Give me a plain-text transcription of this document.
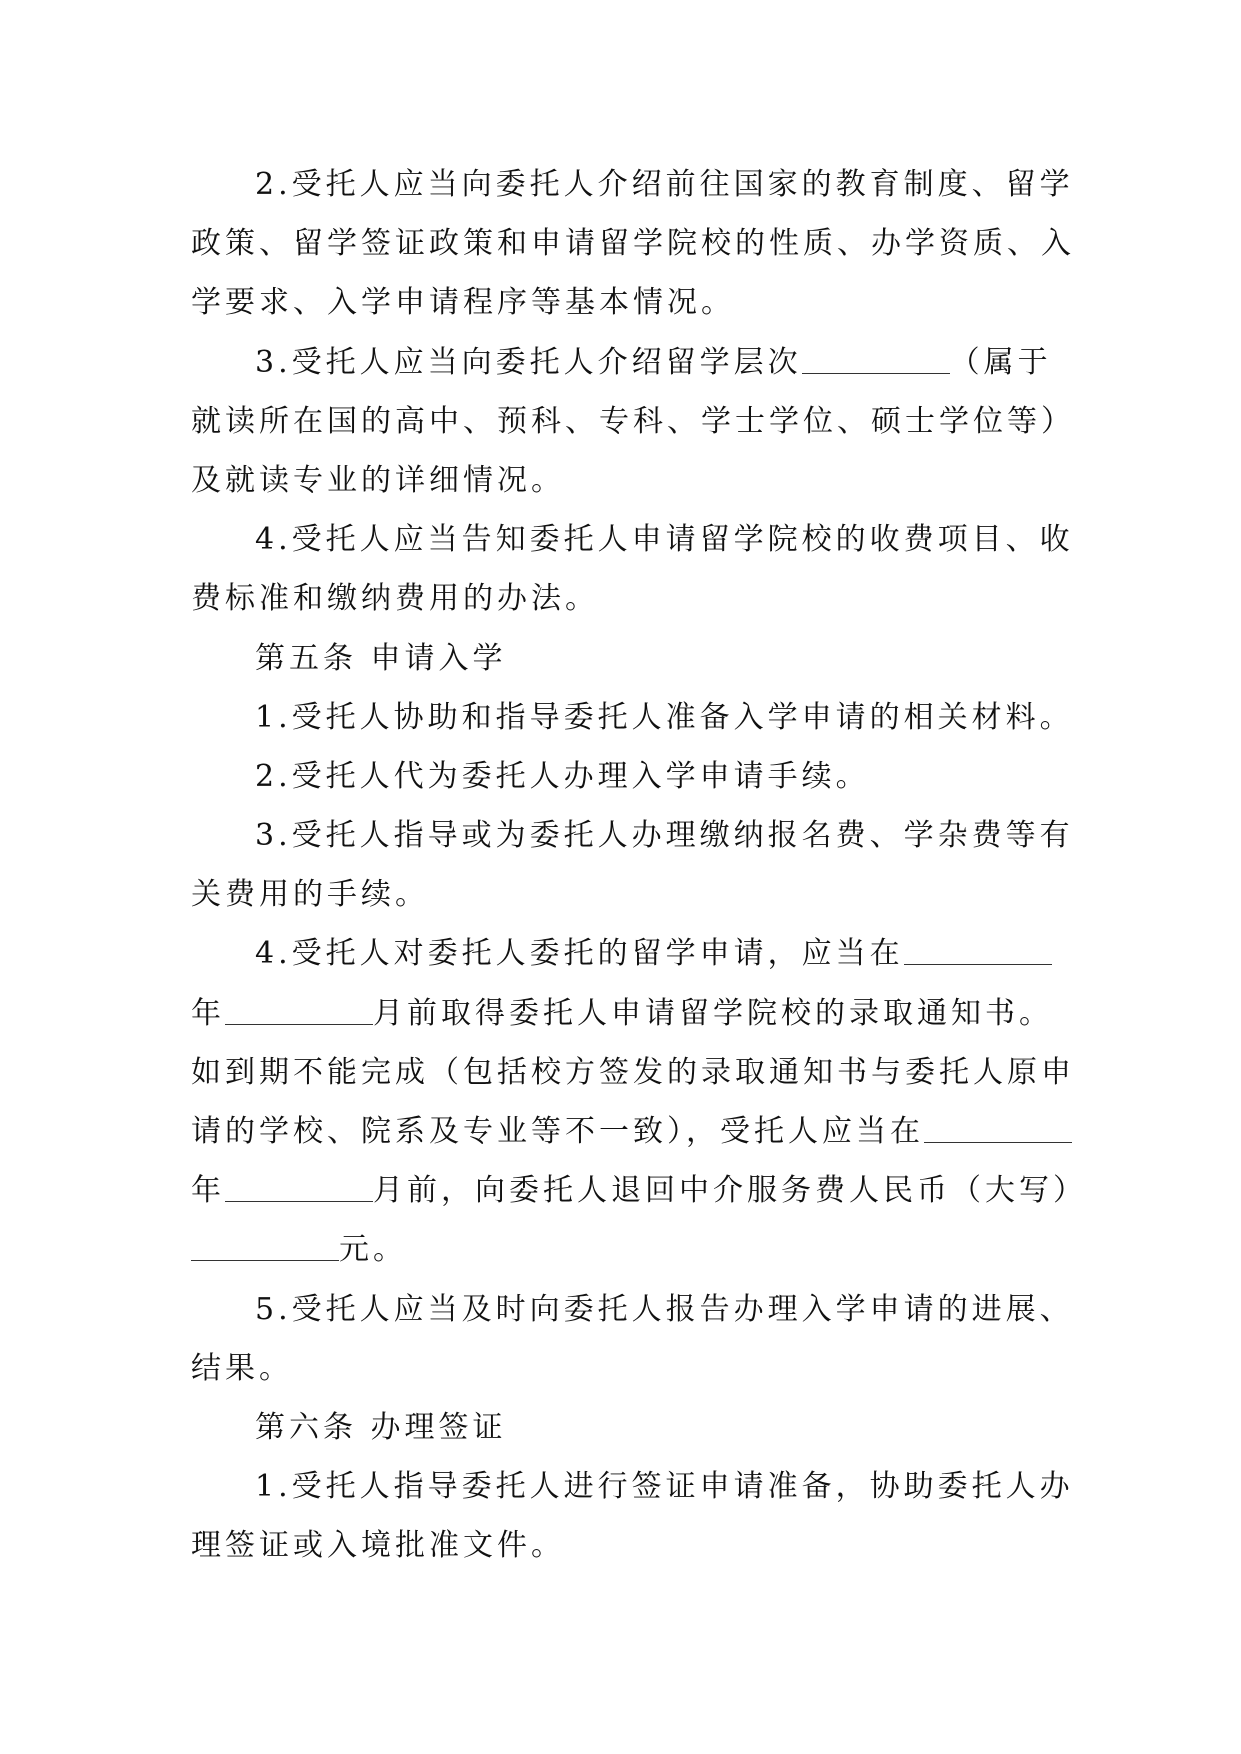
2.受托人应当向委托人介绍前往国家的教育制度、留学
政策、留学签证政策和申请留学院校的性质、办学资质、入
学要求、入学申请程序等基本情况。
3.受托人应当向委托人介绍留学层次	（属于
就读所在国的高中、预科、专科、学士学位、硕士学位等）
及就读专业的详细情况。
4.受托人应当告知委托人申请留学院校的收费项目、收
费标准和缴纳费用的办法。
第五条 申请入学
1.受托人协助和指导委托人准备入学申请的相关材料。
2.受托人代为委托人办理入学申请手续。
3.受托人指导或为委托人办理缴纳报名费、学杂费等有
关费用的手续。
4.受托人对委托人委托的留学申请，应当在
年	月前取得委托人申请留学院校的录取通知书。
如到期不能完成（包括校方签发的录取通知书与委托人原申
请的学校、院系及专业等不一致），受托人应当在
年	月前，向委托人退回中介服务费人民币（大写）
元。
5.受托人应当及时向委托人报告办理入学申请的进展、
结果。
第六条 办理签证
1.受托人指导委托人进行签证申请准备，协助委托人办
理签证或入境批准文件。
